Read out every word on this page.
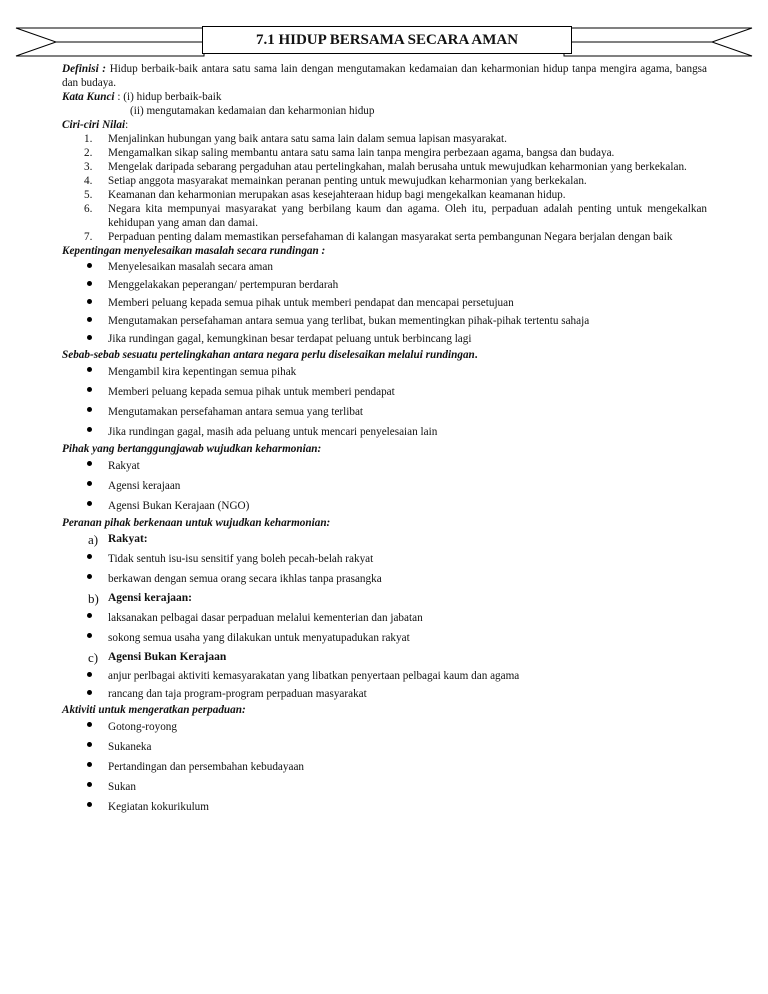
7.1 HIDUP BERSAMA SECARA AMAN

Definisi : Hidup berbaik-baik antara satu sama lain dengan mengutamakan kedamaian dan keharmonian hidup tanpa mengira agama, bangsa dan budaya.

Kata Kunci : (i) hidup berbaik-baik

(ii) mengutamakan kedamaian dan keharmonian hidup

Ciri-ciri Nilai:

1. Menjalinkan hubungan yang baik antara satu sama lain dalam semua lapisan masyarakat.
2. Mengamalkan sikap saling membantu antara satu sama lain tanpa mengira perbezaan agama, bangsa dan budaya.
3. Mengelak daripada sebarang pergaduhan atau pertelingkahan, malah berusaha untuk mewujudkan keharmonian yang berkekalan.
4. Setiap anggota masyarakat memainkan peranan penting untuk mewujudkan keharmonian yang berkekalan.
5. Keamanan dan keharmonian merupakan asas kesejahteraan hidup bagi mengekalkan keamanan hidup.
6. Negara kita mempunyai masyarakat yang berbilang kaum dan agama. Oleh itu, perpaduan adalah penting untuk mengekalkan kehidupan yang aman dan damai.
7. Perpaduan penting dalam memastikan persefahaman di kalangan masyarakat serta pembangunan Negara berjalan dengan baik

Kepentingan menyelesaikan masalah secara rundingan :

Menyelesaikan masalah secara aman
Menggelakakan peperangan/ pertempuran berdarah
Memberi peluang kepada semua pihak untuk memberi pendapat dan mencapai persetujuan
Mengutamakan persefahaman antara semua yang terlibat, bukan mementingkan pihak-pihak tertentu sahaja
Jika rundingan gagal, kemungkinan besar terdapat peluang untuk berbincang lagi

Sebab-sebab sesuatu pertelingkahan antara negara perlu diselesaikan melalui rundingan.

Mengambil kira kepentingan semua pihak
Memberi peluang kepada semua pihak untuk memberi pendapat
Mengutamakan persefahaman antara semua yang terlibat
Jika rundingan gagal, masih ada peluang untuk mencari penyelesaian lain

Pihak yang bertanggungjawab wujudkan keharmonian:

Rakyat
Agensi kerajaan
Agensi Bukan Kerajaan (NGO)

Peranan pihak berkenaan untuk wujudkan keharmonian:

a) Rakyat:
Tidak sentuh isu-isu sensitif yang boleh pecah-belah rakyat
berkawan dengan semua orang secara ikhlas tanpa prasangka
b) Agensi kerajaan:
laksanakan pelbagai dasar perpaduan melalui kementerian dan jabatan
sokong semua usaha yang dilakukan untuk menyatupadukan rakyat
c) Agensi Bukan Kerajaan
anjur perlbagai aktiviti kemasyarakatan yang libatkan penyertaan pelbagai kaum dan agama
rancang dan taja program-program perpaduan masyarakat

Aktiviti untuk mengeratkan perpaduan:

Gotong-royong
Sukaneka
Pertandingan dan persembahan kebudayaan
Sukan
Kegiatan kokurikulum
